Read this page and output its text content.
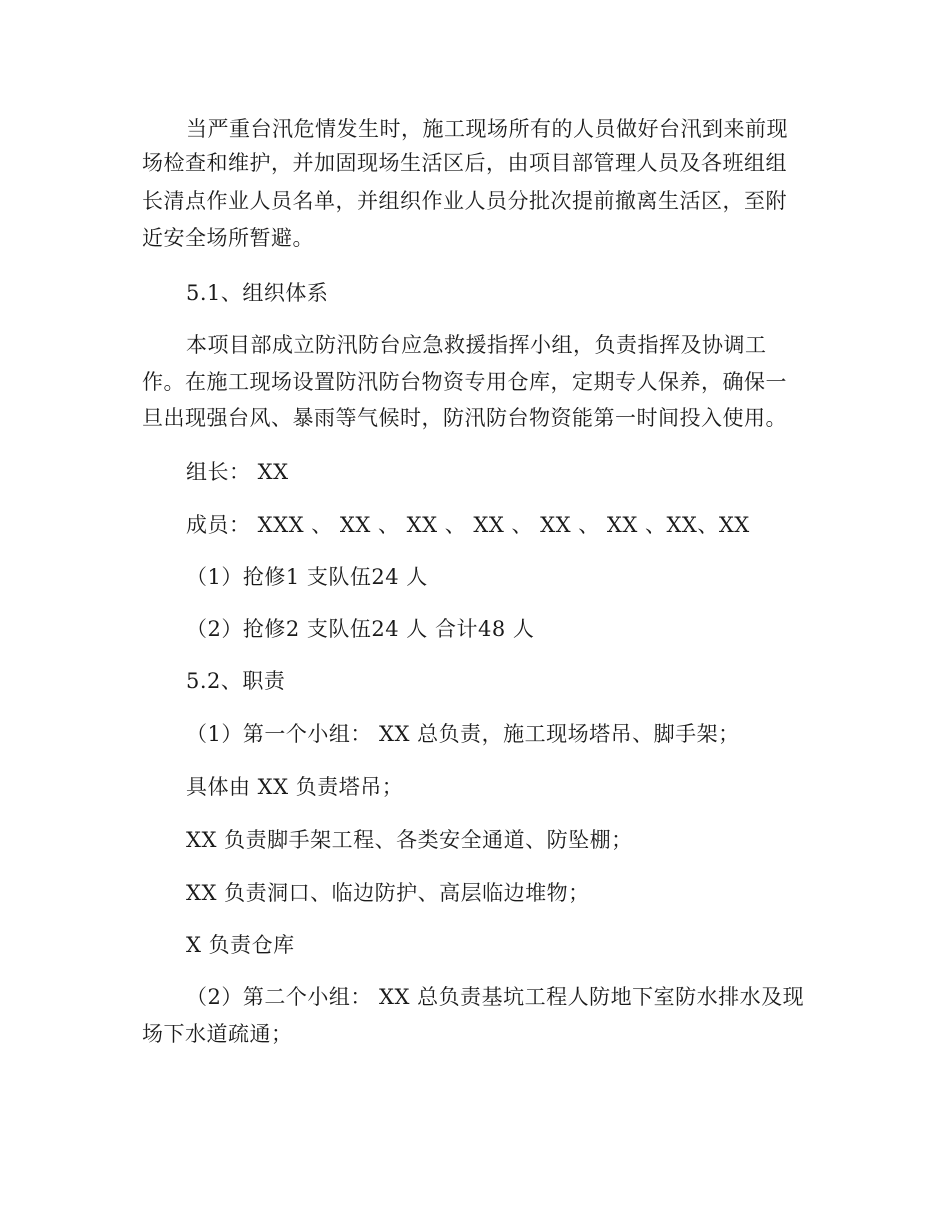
当严重台汛危情发生时，施工现场所有的人员做好台汛到来前现

场检查和维护，并加固现场生活区后，由项目部管理人员及各班组组

长清点作业人员名单，并组织作业人员分批次提前撤离生活区，至附

近安全场所暂避。

5.1、组织体系

本项目部成立防汛防台应急救援指挥小组，负责指挥及协调工

作。在施工现场设置防汛防台物资专用仓库，定期专人保养，确保一

旦出现强台风、暴雨等气候时，防汛防台物资能第一时间投入使用。

组长： XX

成员： XXX 、 XX 、 XX 、 XX 、 XX 、 XX 、XX、XX

（1）抢修1 支队伍24 人

（2）抢修2 支队伍24 人 合计48 人

5.2、职责

（1）第一个小组： XX 总负责，施工现场塔吊、脚手架；

具体由 XX 负责塔吊；

XX 负责脚手架工程、各类安全通道、防坠棚；

XX 负责洞口、临边防护、高层临边堆物；

X 负责仓库

（2）第二个小组： XX 总负责基坑工程人防地下室防水排水及现

场下水道疏通；
